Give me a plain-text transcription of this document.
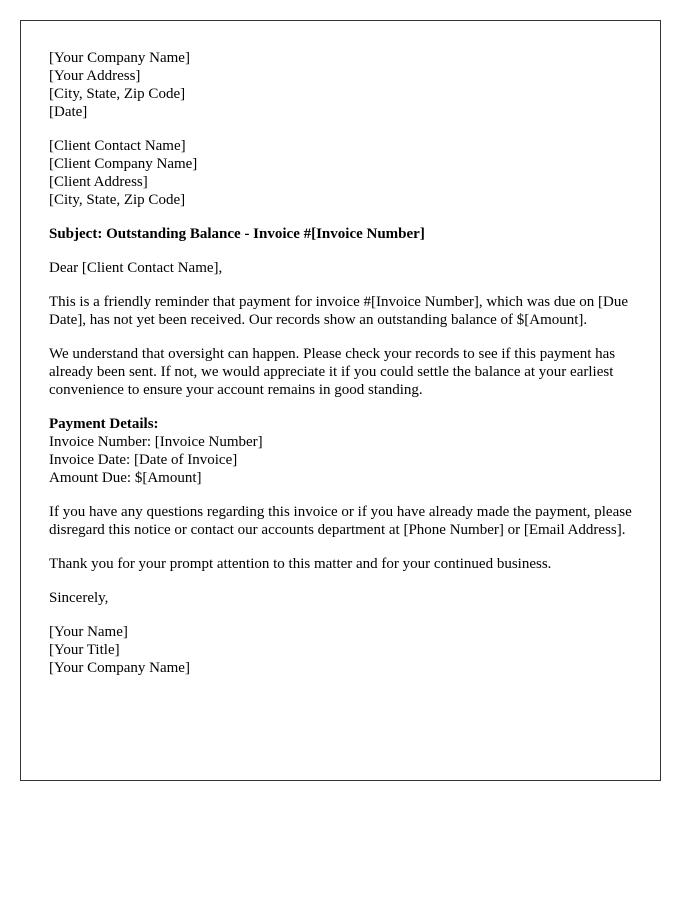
[Your Company Name]
[Your Address]
[City, State, Zip Code]
[Date]
[Client Contact Name]
[Client Company Name]
[Client Address]
[City, State, Zip Code]
Subject: Outstanding Balance - Invoice #[Invoice Number]
Dear [Client Contact Name],
This is a friendly reminder that payment for invoice #[Invoice Number], which was due on [Due Date], has not yet been received. Our records show an outstanding balance of $[Amount].
We understand that oversight can happen. Please check your records to see if this payment has already been sent. If not, we would appreciate it if you could settle the balance at your earliest convenience to ensure your account remains in good standing.
Payment Details:
Invoice Number: [Invoice Number]
Invoice Date: [Date of Invoice]
Amount Due: $[Amount]
If you have any questions regarding this invoice or if you have already made the payment, please disregard this notice or contact our accounts department at [Phone Number] or [Email Address].
Thank you for your prompt attention to this matter and for your continued business.
Sincerely,
[Your Name]
[Your Title]
[Your Company Name]
